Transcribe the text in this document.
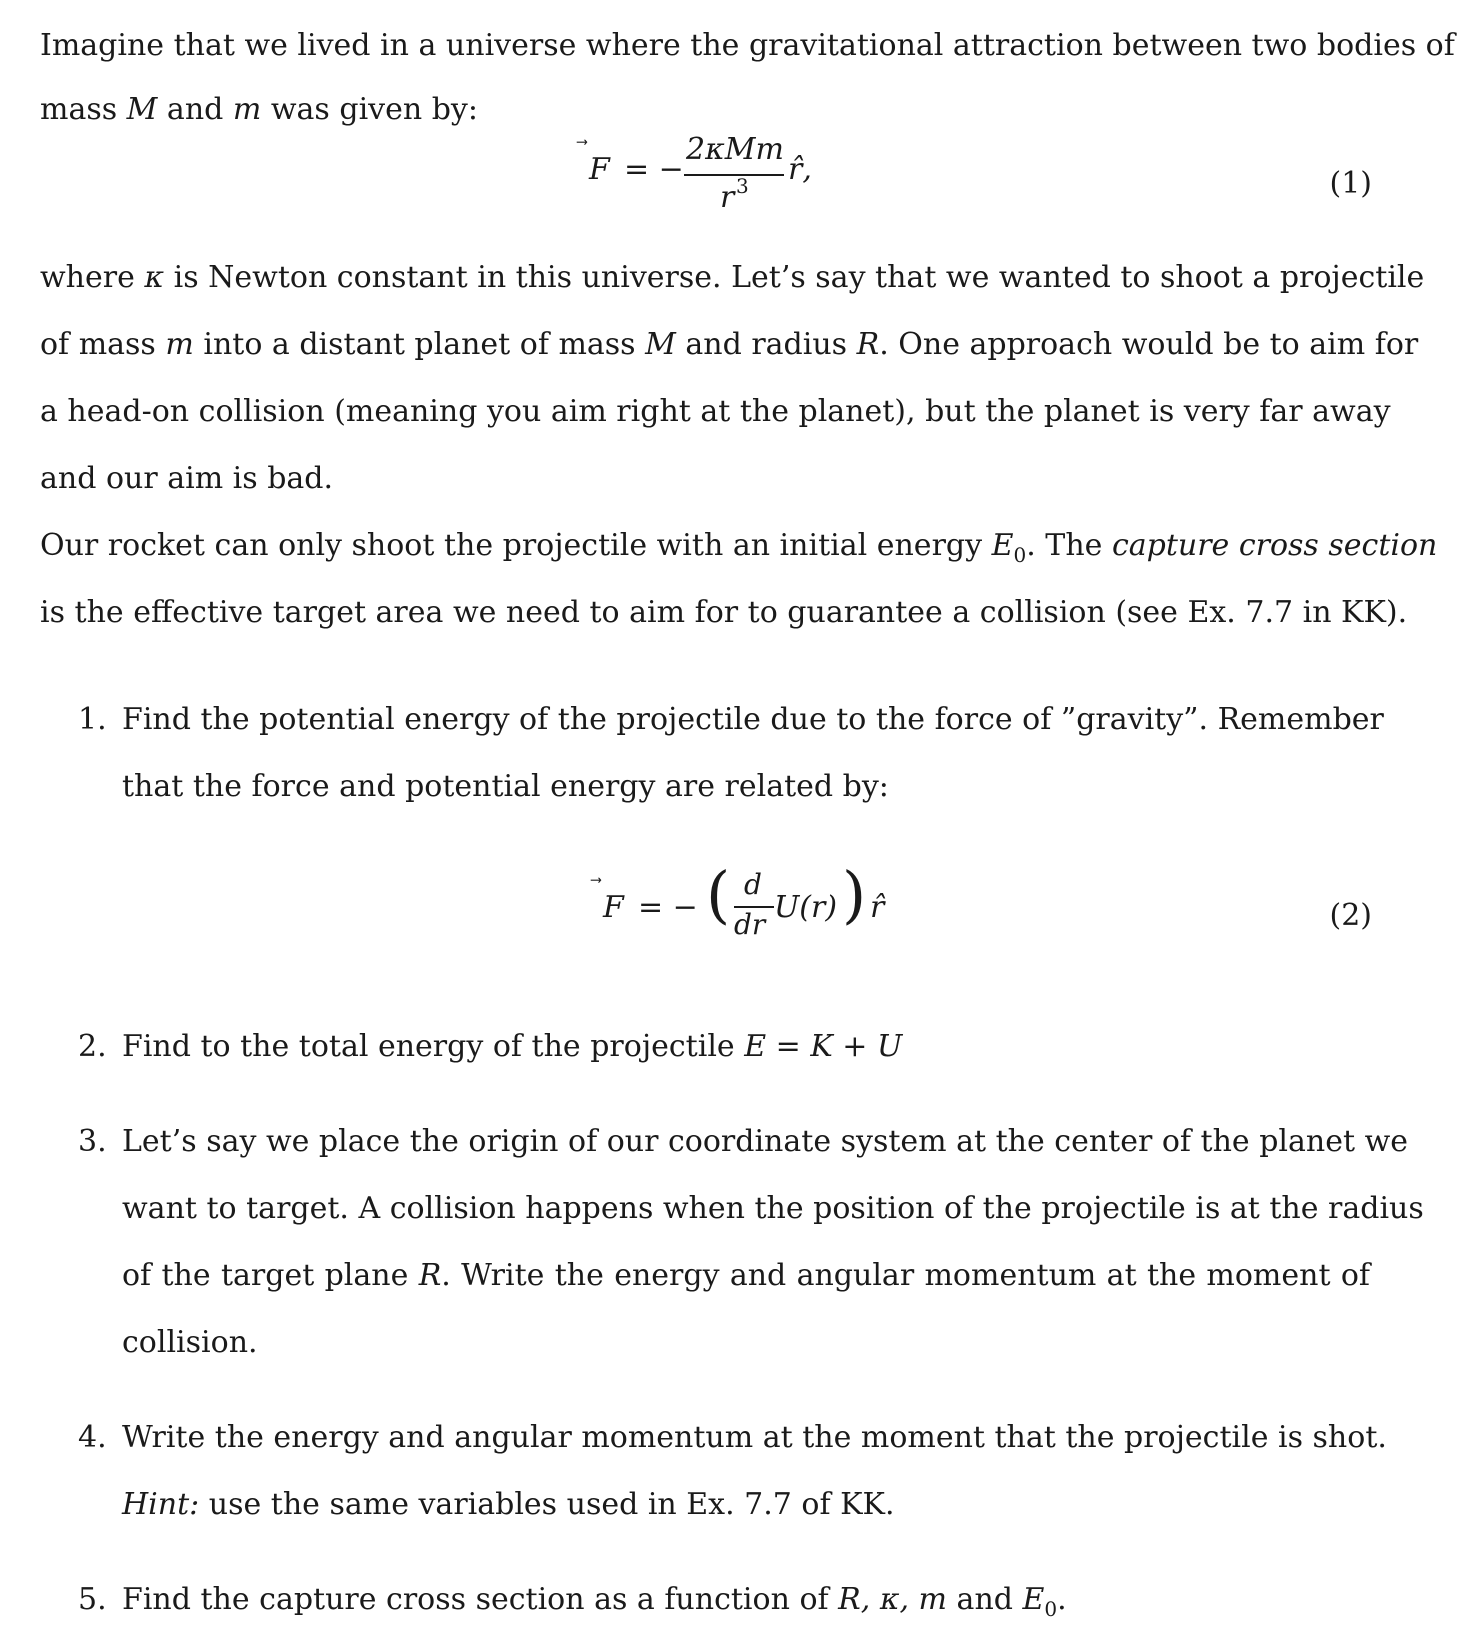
Imagine that we lived in a universe where the gravitational attraction between two bodies of
mass M and m was given by:
F = −
2κMm
r 3 r̂,	(1)
where κ is Newton constant in this universe. Let’s say that we wanted to shoot a projectile
of mass m into a distant planet of mass M and radius R. One approach would be to aim for
a head-on collision (meaning you aim right at the planet), but the planet is very far away
and our aim is bad.
Our rocket can only shoot the projectile with an initial energy $E_0$. The capture cross section
is the effective target area we need to aim for to guarantee a collision (see Ex. 7.7 in KK).
1. Find the potential energy of the projectile due to the force of ”gravity”. Remember
that the force and potential energy are related by:
F = − ( d
dr U(r) ) r̂	(2)
2. Find to the total energy of the projectile E = K + U
3. Let’s say we place the origin of our coordinate system at the center of the planet we
want to target. A collision happens when the position of the projectile is at the radius
of the target plane R. Write the energy and angular momentum at the moment of
collision.
4. Write the energy and angular momentum at the moment that the projectile is shot.
Hint: use the same variables used in Ex. 7.7 of KK.
5. Find the capture cross section as a function of R, κ, m and $E_0$.
